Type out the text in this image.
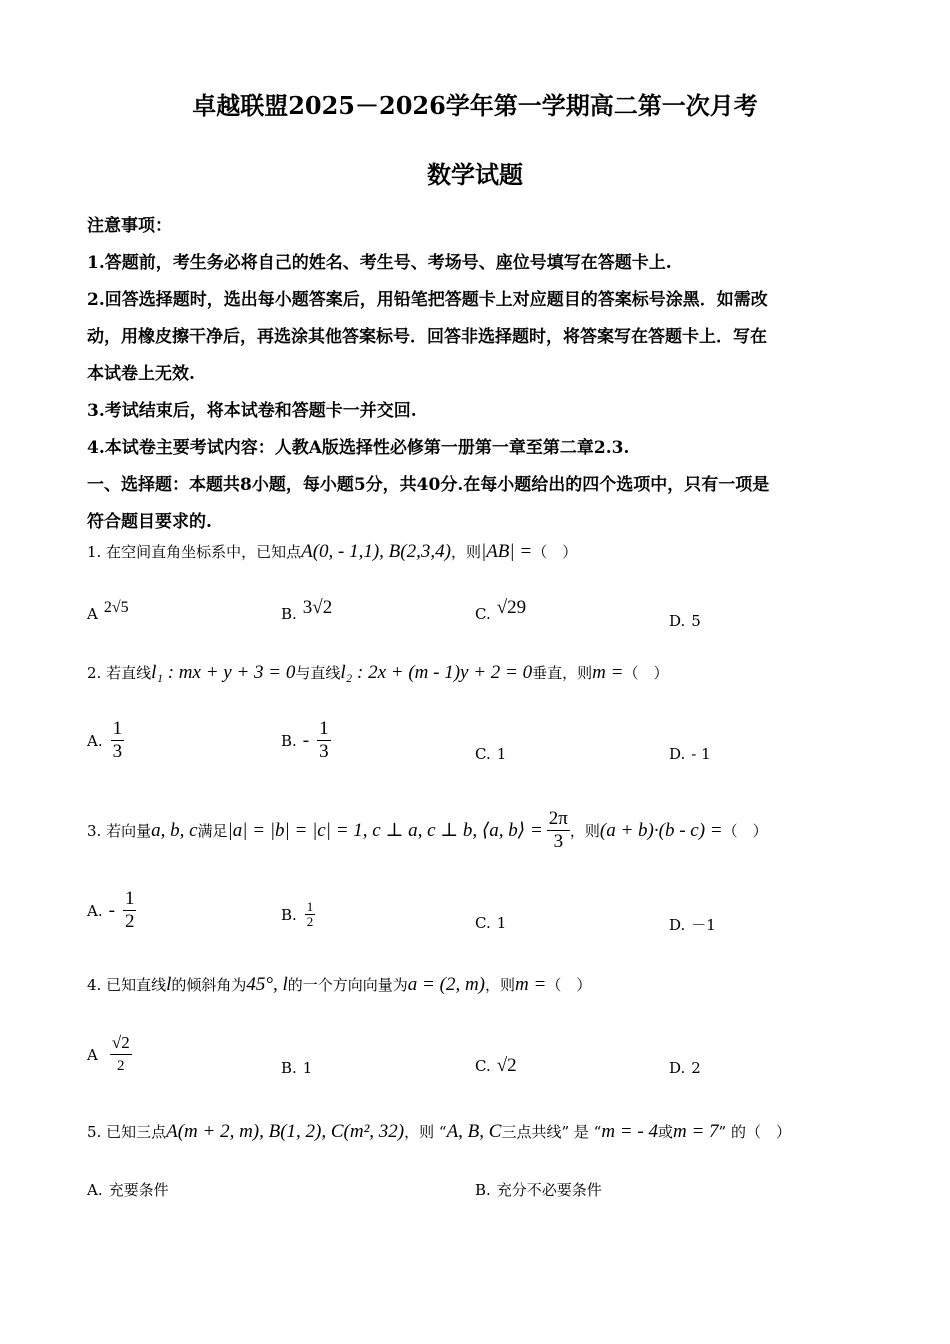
卓越联盟2025－2026学年第一学期高二第一次月考
数学试题

注意事项：

1.答题前，考生务必将自己的姓名、考生号、考场号、座位号填写在答题卡上.

2.回答选择题时，选出每小题答案后，用铅笔把答题卡上对应题目的答案标号涂黑．如需改

动，用橡皮擦干净后，再选涂其他答案标号．回答非选择题时，将答案写在答题卡上．写在

本试卷上无效.

3.考试结束后，将本试卷和答题卡一并交回.

4.本试卷主要考试内容：人教A版选择性必修第一册第一章至第二章2.3.

一、选择题：本题共8小题，每小题5分，共40分.在每小题给出的四个选项中，只有一项是

符合题目要求的.

1. 在空间直角坐标系中，已知点A(0, - 1,1), B(2,3,4)，则|AB| =（　）
A 2√5	B. 3√2	C. √29
D. 5
2. 若直线l₁ : mx + y + 3 = 0与直线l₂ : 2x + (m - 1)y + 2 = 0垂直，则m =（　）
A. $\frac{1}{3}$	B. - $\frac{1}{3}$	C. 1	D. - 1
3. 若向量 a, b, c 满足 |a| = |b| = |c| = 1, c ⊥ a, c ⊥ b, ⟨a, b⟩ = $\frac{2\pi}{3}$ ，则 (a + b)·(b - c) = （　）
A. - $\frac{1}{2}$	B. $\frac{1}{2}$	C. 1	D. －1
4. 已知直线l的倾斜角为45°, l的一个方向向量为a = (2, m)，则m =（　）
A $\frac{√2}{2}$	B. 1	C. √2	D. 2
5. 已知三点A(m + 2, m), B(1, 2), C(m², 32)，则 “A, B, C三点共线” 是 “m = - 4或m = 7” 的（　）
A. 充要条件	B. 充分不必要条件
